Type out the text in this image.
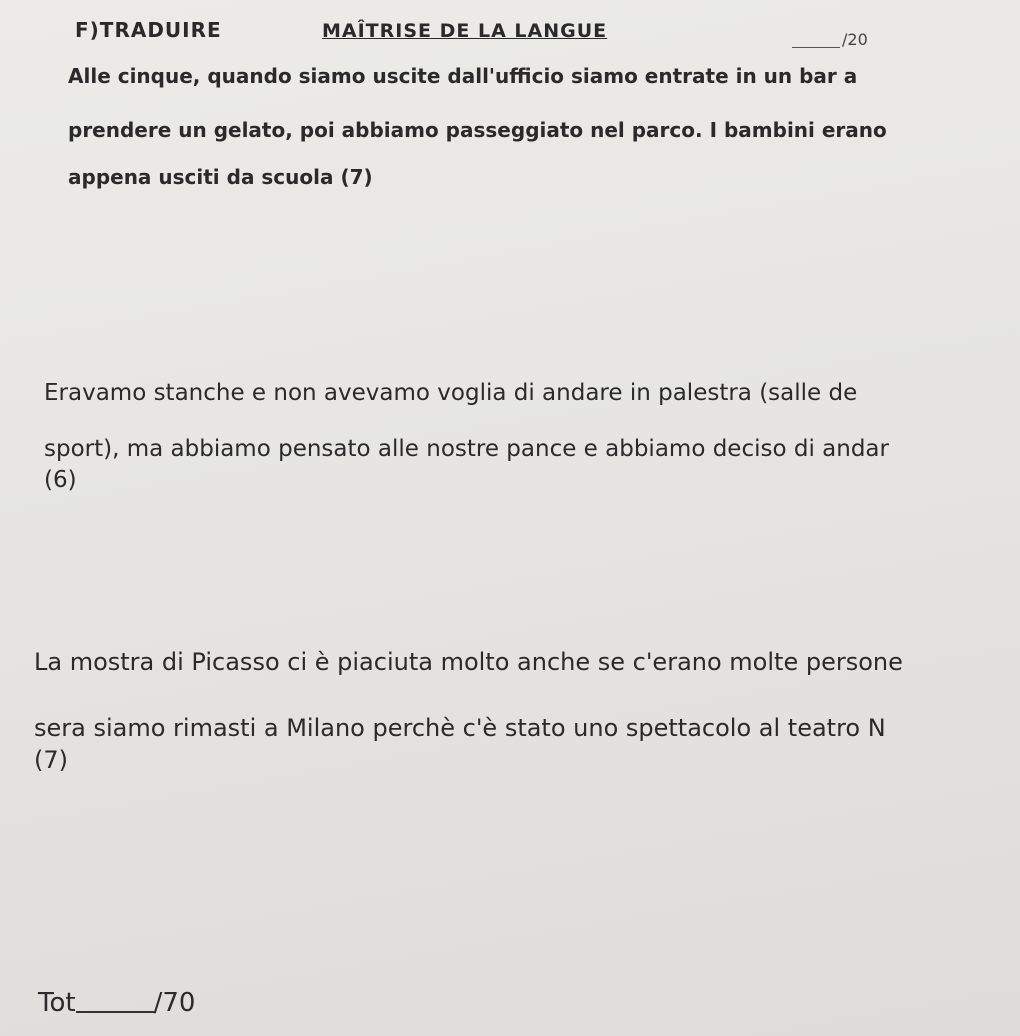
F)TRADUIRE	MAÎTRISE DE LA LANGUE	/20

Alle cinque, quando siamo uscite dall'ufficio siamo entrate in un bar a

prendere un gelato, poi abbiamo passeggiato nel parco. I bambini erano

appena usciti da scuola (7)

Eravamo stanche e non avevamo voglia di andare in palestra (salle de

sport), ma abbiamo pensato alle nostre pance e abbiamo deciso di andar

(6)

La mostra di Picasso ci è piaciuta molto anche se c'erano molte persone

sera siamo rimasti a Milano perchè c'è stato uno spettacolo al teatro N

(7)

Tot	/70
